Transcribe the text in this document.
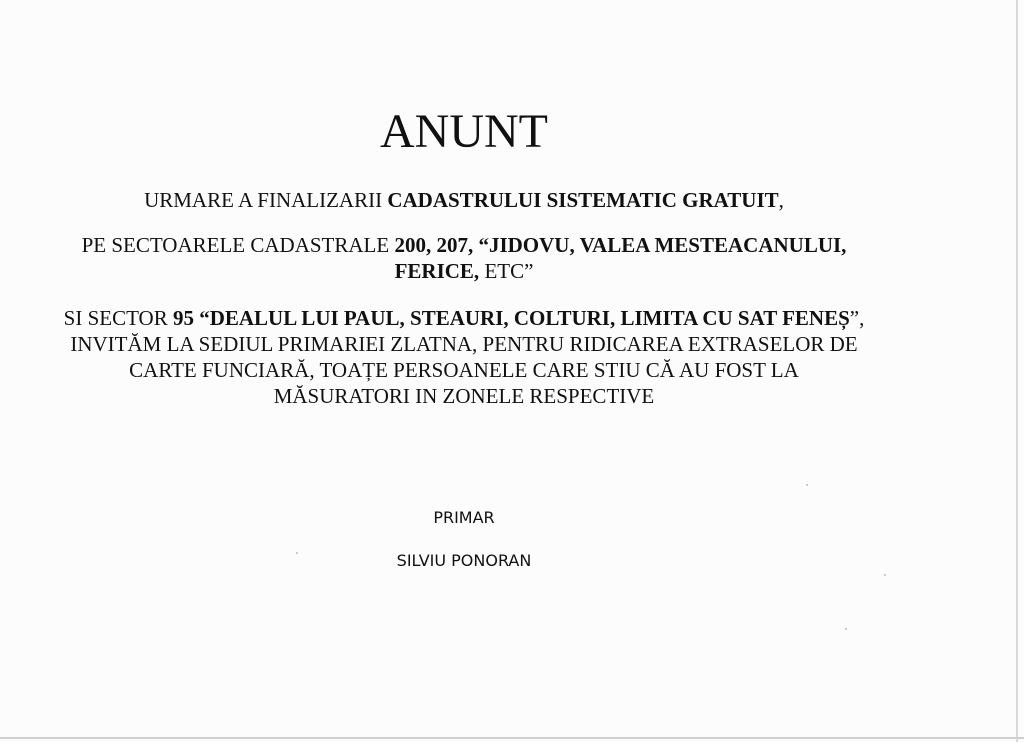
ANUNT

URMARE A FINALIZARII CADASTRULUI SISTEMATIC GRATUIT,

PE SECTOARELE CADASTRALE 200, 207, “JIDOVU, VALEA MESTEACANULUI, FERICE, ETC”

SI SECTOR 95 “DEALUL LUI PAUL, STEAURI, COLTURI, LIMITA CU SAT FENEȘ”, INVITĂM LA SEDIUL PRIMARIEI ZLATNA, PENTRU RIDICAREA EXTRASELOR DE CARTE FUNCIARĂ, TOAȚE PERSOANELE CARE STIU CĂ AU FOST LA MĂSURATORI IN ZONELE RESPECTIVE

PRIMAR

SILVIU PONORAN
